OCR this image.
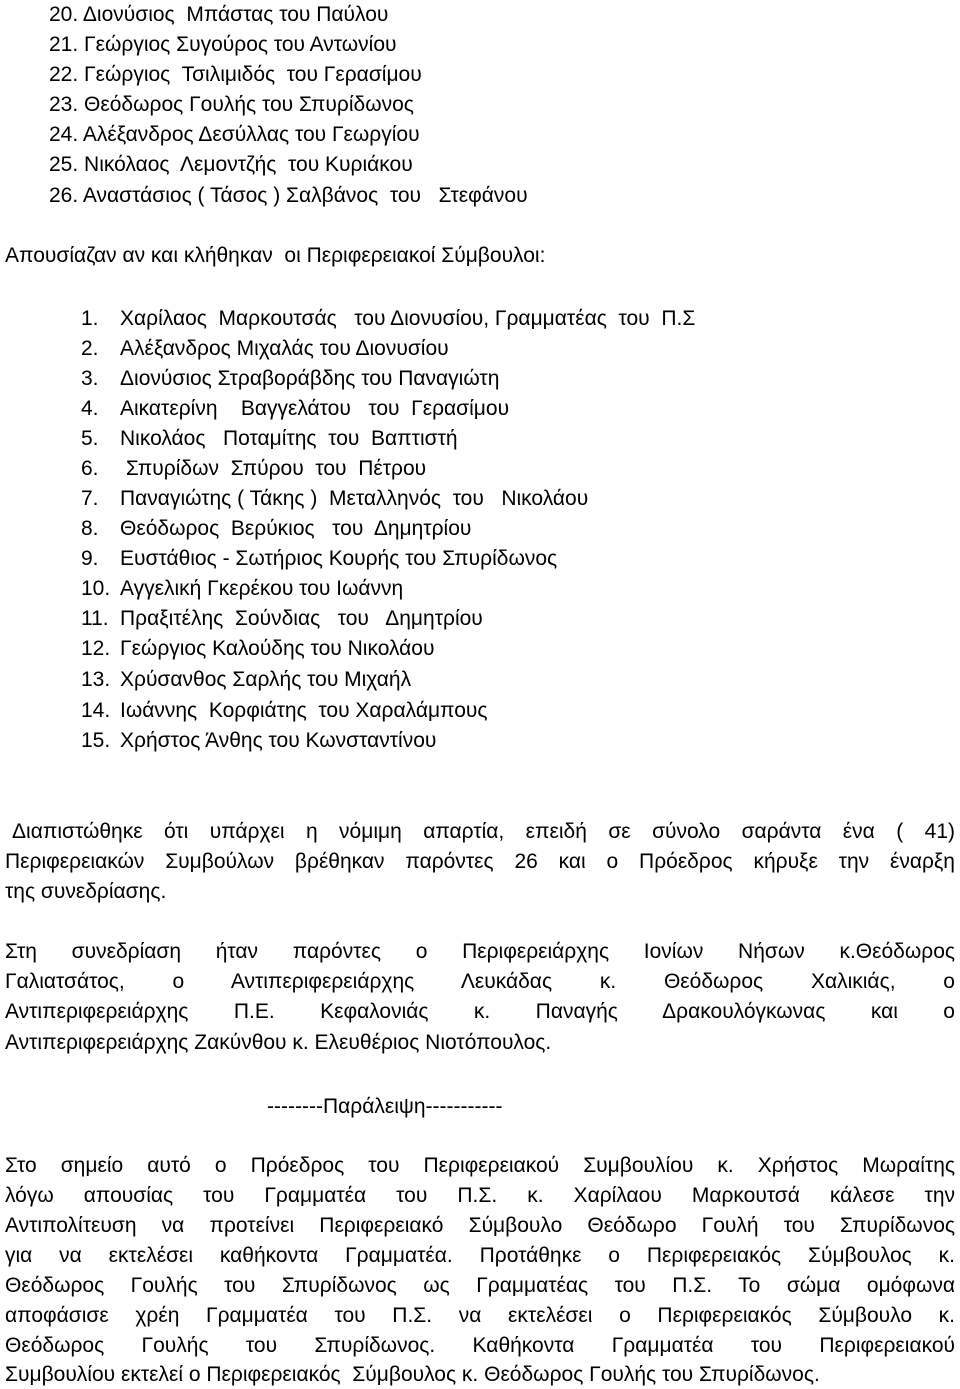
20. Διονύσιος  Μπάστας του Παύλου
21. Γεώργιος Συγούρος του Αντωνίου
22. Γεώργιος  Τσιλιμιδός  του Γερασίμου
23. Θεόδωρος Γουλής του Σπυρίδωνος
24. Αλέξανδρος Δεσύλλας του Γεωργίου
25. Νικόλαος  Λεμοντζής  του Κυριάκου
26. Αναστάσιος ( Τάσος ) Σαλβάνος  του   Στεφάνου
Απουσίαζαν αν και κλήθηκαν  οι Περιφερειακοί Σύμβουλοι:
1. Χαρίλαος  Μαρκουτσάς   του Διονυσίου, Γραμματέας  του  Π.Σ
2. Αλέξανδρος Μιχαλάς του Διονυσίου
3. Διονύσιος Στραβοράβδης του Παναγιώτη
4. Αικατερίνη    Βαγγελάτου   του  Γερασίμου
5. Νικολάος   Ποταμίτης  του  Βαπτιστή
6. Σπυρίδων  Σπύρου  του  Πέτρου
7. Παναγιώτης ( Τάκης )  Μεταλληνός  του   Νικολάου
8. Θεόδωρος  Βερύκιος   του  Δημητρίου
9. Ευστάθιος - Σωτήριος Κουρής του Σπυρίδωνος
10. Αγγελική Γκερέκου του Ιωάννη
11. Πραξιτέλης  Σούνδιας   του   Δημητρίου
12. Γεώργιος Καλούδης του Νικολάου
13. Χρύσανθος Σαρλής του Μιχαήλ
14. Ιωάννης  Κορφιάτης  του Χαραλάμπους
15. Χρήστος Άνθης του Κωνσταντίνου
Διαπιστώθηκε ότι υπάρχει η νόμιμη απαρτία, επειδή σε σύνολο σαράντα ένα ( 41)
Περιφερειακών Συμβούλων βρέθηκαν παρόντες 26 και ο Πρόεδρος κήρυξε την έναρξη
της συνεδρίασης.
Στη συνεδρίαση ήταν παρόντες ο Περιφερειάρχης Ιονίων Νήσων κ.Θεόδωρος
Γαλιατσάτος, ο Αντιπεριφερειάρχης Λευκάδας κ. Θεόδωρος Χαλικιάς, ο
Αντιπεριφερειάρχης Π.Ε. Κεφαλονιάς κ. Παναγής Δρακουλόγκωνας και ο
Αντιπεριφερειάρχης Ζακύνθου κ. Ελευθέριος Νιοτόπουλος.
--------Παράλειψη-----------
Στο σημείο αυτό ο Πρόεδρος του Περιφερειακού Συμβουλίου κ. Χρήστος Μωραίτης
λόγω απουσίας του Γραμματέα του Π.Σ. κ. Χαρίλαου Μαρκουτσά κάλεσε την
Αντιπολίτευση να προτείνει Περιφερειακό Σύμβουλο Θεόδωρο Γουλή του Σπυρίδωνος
για να εκτελέσει καθήκοντα Γραμματέα. Προτάθηκε ο Περιφερειακός Σύμβουλος κ.
Θεόδωρος Γουλής του Σπυρίδωνος ως Γραμματέας του Π.Σ. Το σώμα ομόφωνα
αποφάσισε χρέη Γραμματέα του Π.Σ. να εκτελέσει ο Περιφερειακός Σύμβουλο κ.
Θεόδωρος Γουλής του Σπυρίδωνος. Καθήκοντα Γραμματέα του Περιφερειακού
Συμβουλίου εκτελεί ο Περιφερειακός  Σύμβουλος κ. Θεόδωρος Γουλής του Σπυρίδωνος.
